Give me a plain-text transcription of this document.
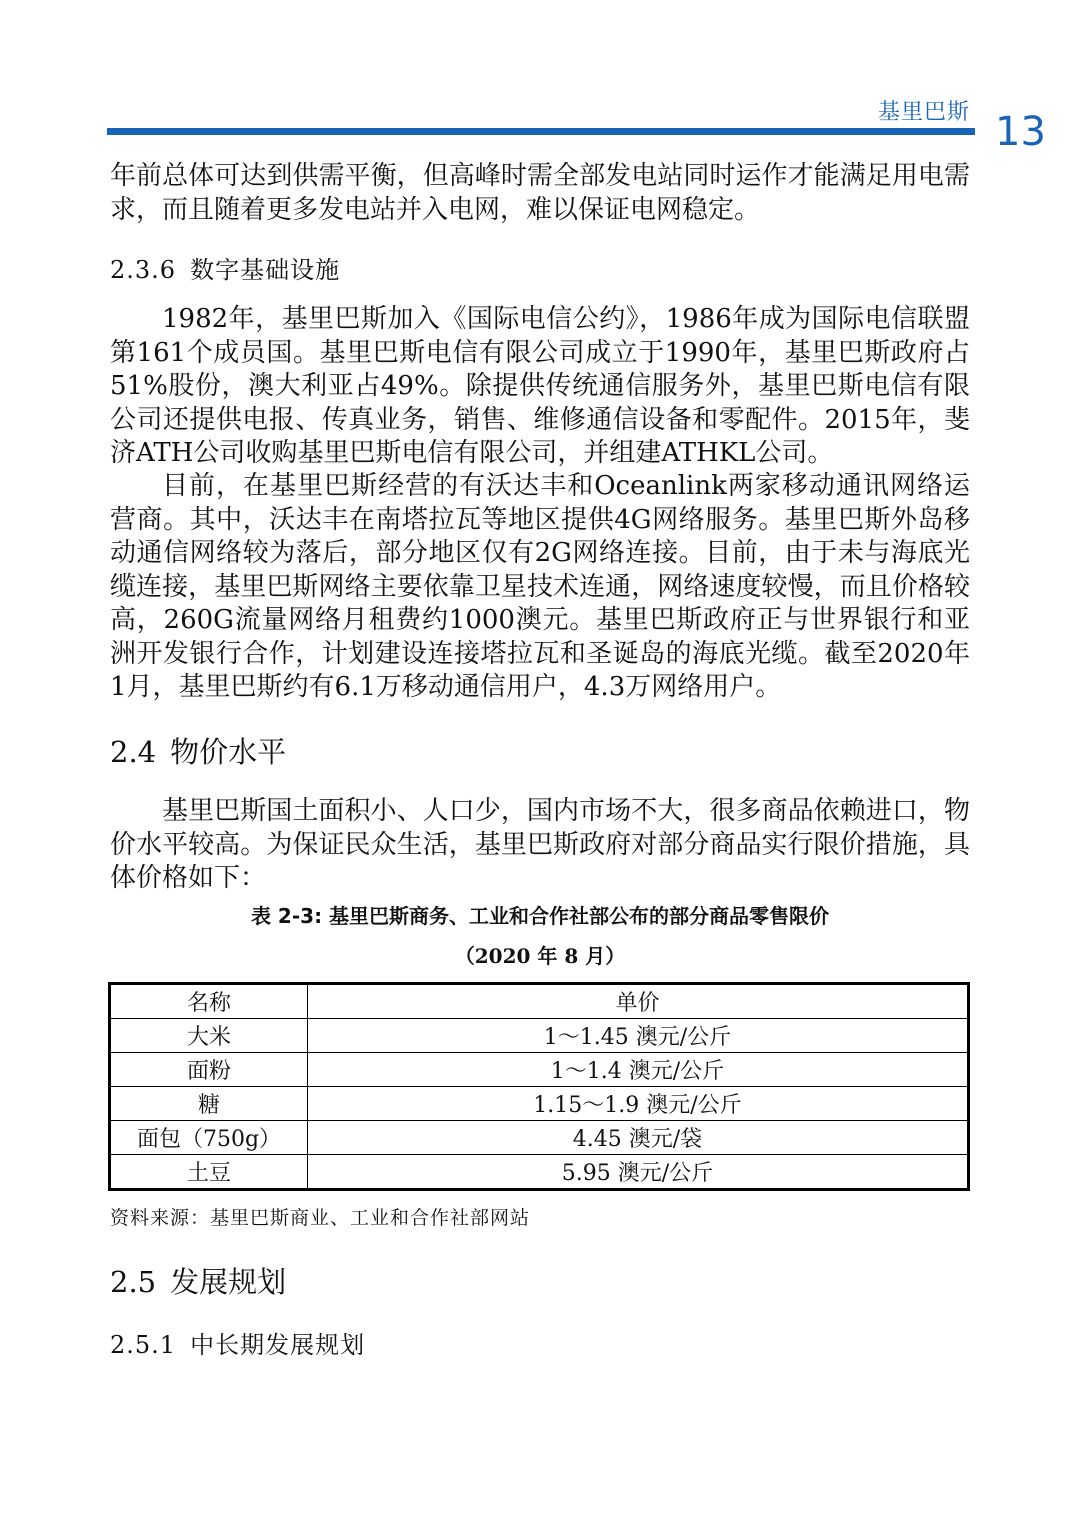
基里巴斯 13

年前总体可达到供需平衡，但高峰时需全部发电站同时运作才能满足用电需求，而且随着更多发电站并入电网，难以保证电网稳定。

2.3.6 数字基础设施

1982年，基里巴斯加入《国际电信公约》，1986年成为国际电信联盟第161个成员国。基里巴斯电信有限公司成立于1990年，基里巴斯政府占51%股份，澳大利亚占49%。除提供传统通信服务外，基里巴斯电信有限公司还提供电报、传真业务，销售、维修通信设备和零配件。2015年，斐济ATH公司收购基里巴斯电信有限公司，并组建ATHKL公司。

目前，在基里巴斯经营的有沃达丰和Oceanlink两家移动通讯网络运营商。其中，沃达丰在南塔拉瓦等地区提供4G网络服务。基里巴斯外岛移动通信网络较为落后，部分地区仅有2G网络连接。目前，由于未与海底光缆连接，基里巴斯网络主要依靠卫星技术连通，网络速度较慢，而且价格较高，260G流量网络月租费约1000澳元。基里巴斯政府正与世界银行和亚洲开发银行合作，计划建设连接塔拉瓦和圣诞岛的海底光缆。截至2020年1月，基里巴斯约有6.1万移动通信用户，4.3万网络用户。

2.4 物价水平

基里巴斯国土面积小、人口少，国内市场不大，很多商品依赖进口，物价水平较高。为保证民众生活，基里巴斯政府对部分商品实行限价措施，具体价格如下：

表 2-3: 基里巴斯商务、工业和合作社部公布的部分商品零售限价
（2020 年 8 月）
名称	单价
大米	1～1.45 澳元/公斤
面粉	1～1.4 澳元/公斤
糖	1.15～1.9 澳元/公斤
面包（750g）	4.45 澳元/袋
土豆	5.95 澳元/公斤
资料来源：基里巴斯商业、工业和合作社部网站
2.5 发展规划
2.5.1 中长期发展规划
